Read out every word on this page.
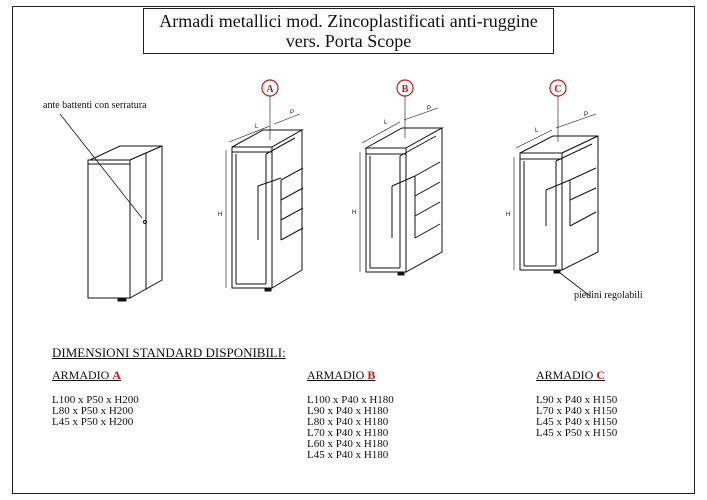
Armadi metallici mod. Zincoplastificati anti-ruggine
vers. Porta Scope
A
L
P
H
B
L
P
H
C
L
P
H
ante battenti con serratura
piedini regolabili
DIMENSIONI STANDARD DISPONIBILI:
ARMADIO A
L100 x P50 x H200
L80 x P50 x H200
L45 x P50 x H200
ARMADIO B
L100 x P40 x H180
L90 x P40 x H180
L80 x P40 x H180
L70 x P40 x H180
L60 x P40 x H180
L45 x P40 x H180
ARMADIO C
L90 x P40 x H150
L70 x P40 x H150
L45 x P40 x H150
L45 x P50 x H150
